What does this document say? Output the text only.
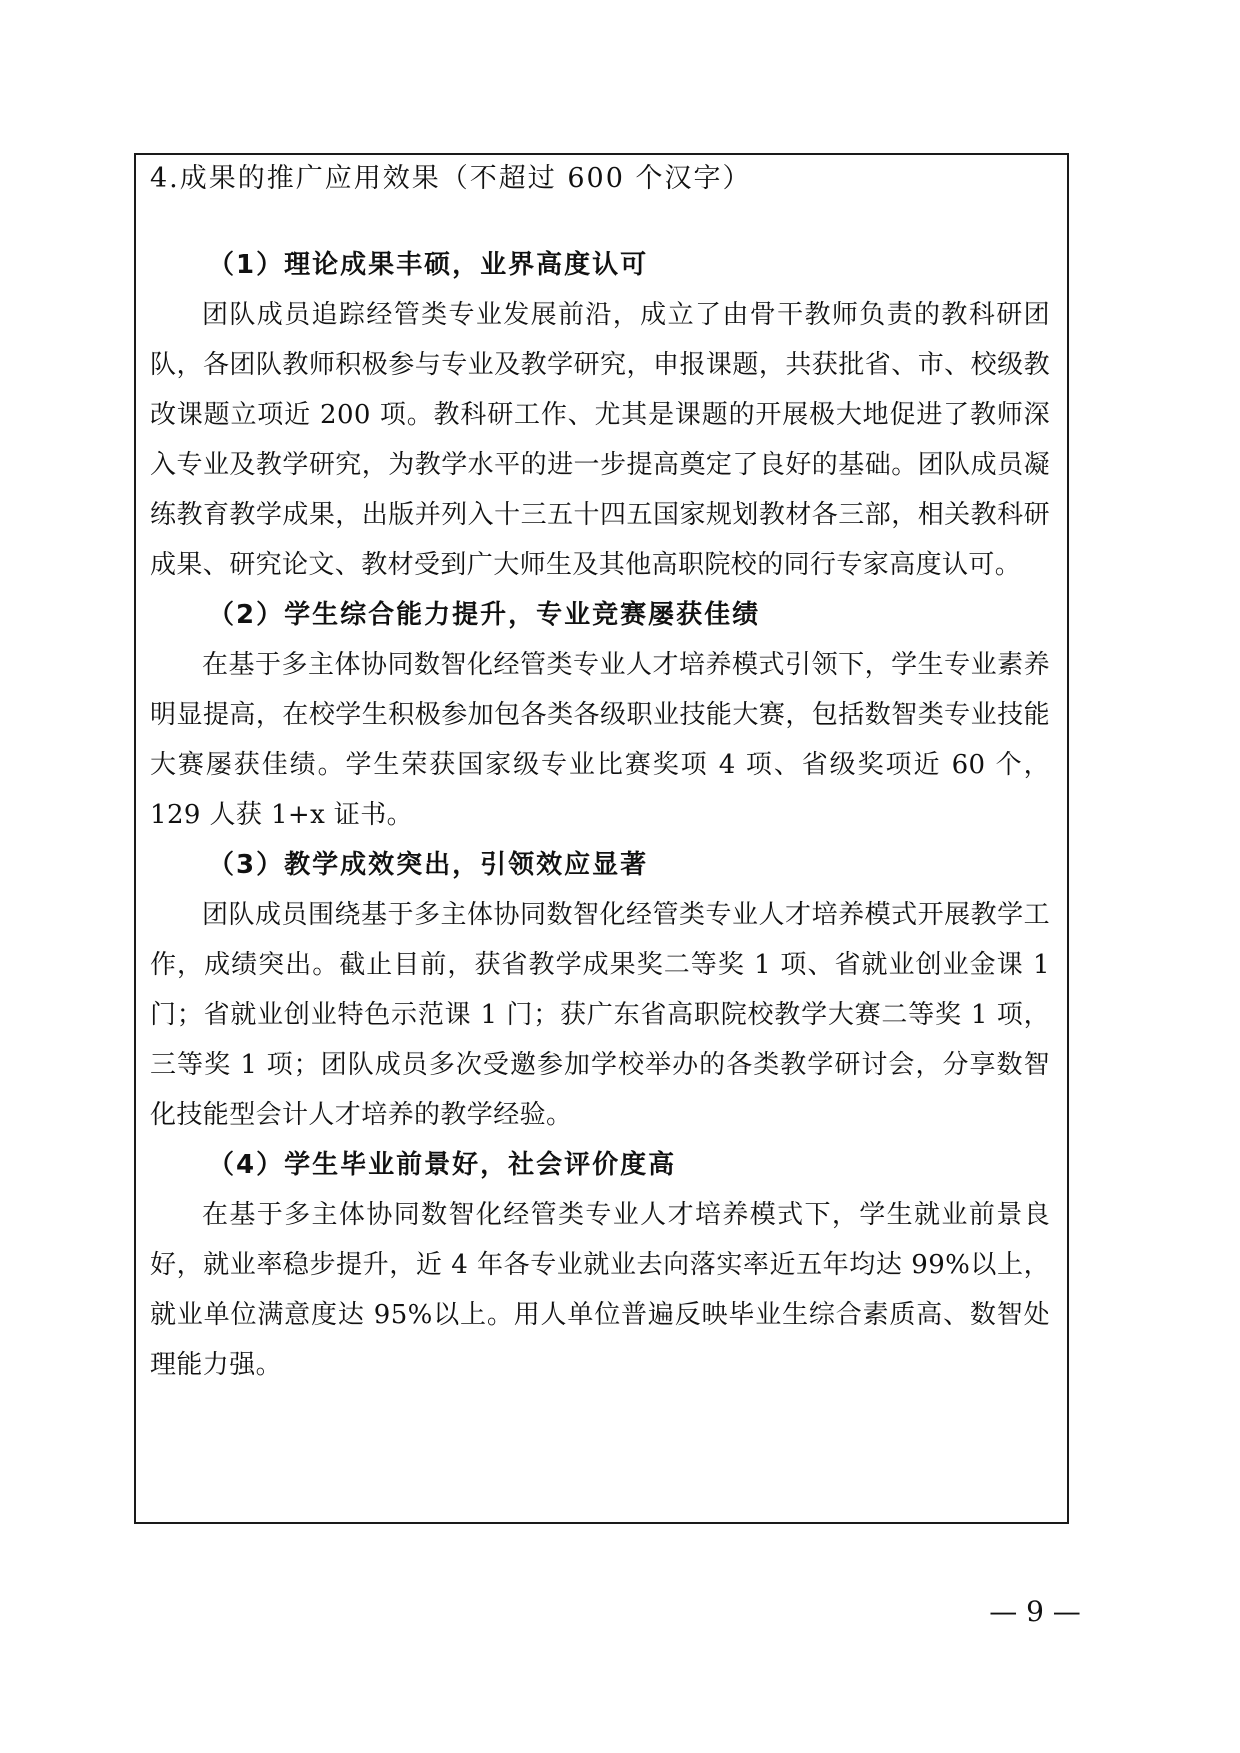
4.成果的推广应用效果（不超过 600 个汉字）
（1）理论成果丰硕，业界高度认可

团队成员追踪经管类专业发展前沿，成立了由骨干教师负责的教科研团队，各团队教师积极参与专业及教学研究，申报课题，共获批省、市、校级教改课题立项近 200 项。教科研工作、尤其是课题的开展极大地促进了教师深入专业及教学研究，为教学水平的进一步提高奠定了良好的基础。团队成员凝练教育教学成果，出版并列入十三五十四五国家规划教材各三部，相关教科研成果、研究论文、教材受到广大师生及其他高职院校的同行专家高度认可。

（2）学生综合能力提升，专业竞赛屡获佳绩

在基于多主体协同数智化经管类专业人才培养模式引领下，学生专业素养明显提高，在校学生积极参加包各类各级职业技能大赛，包括数智类专业技能大赛屡获佳绩。学生荣获国家级专业比赛奖项 4 项、省级奖项近 60 个，129 人获 1+x 证书。

（3）教学成效突出，引领效应显著

团队成员围绕基于多主体协同数智化经管类专业人才培养模式开展教学工作，成绩突出。截止目前，获省教学成果奖二等奖 1 项、省就业创业金课 1 门；省就业创业特色示范课 1 门；获广东省高职院校教学大赛二等奖 1 项，三等奖 1 项；团队成员多次受邀参加学校举办的各类教学研讨会，分享数智化技能型会计人才培养的教学经验。

（4）学生毕业前景好，社会评价度高

在基于多主体协同数智化经管类专业人才培养模式下，学生就业前景良好，就业率稳步提升，近 4 年各专业就业去向落实率近五年均达 99%以上，就业单位满意度达 95%以上。用人单位普遍反映毕业生综合素质高、数智处理能力强。

— 9 —
